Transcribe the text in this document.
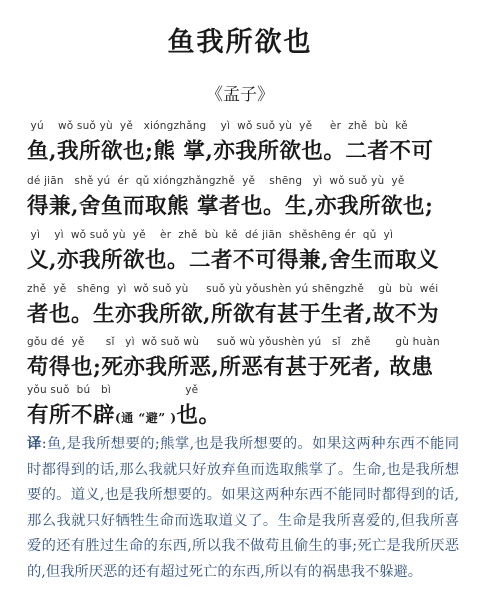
鱼我所欲也
《孟子》
yú    wǒ suǒ yù  yě   xióngzhǎng    yì  wǒ suǒ yù  yě     èr  zhě  bù  kě
鱼,我所欲也;熊 掌,亦我所欲也。二者不可
dé jiān   shě yú  ér  qǔ xióngzhǎngzhě  yě    shēng   yì  wǒ suǒ yù  yě
得兼,舍鱼而取熊 掌者也。生,亦我所欲也;
yì    yì  wǒ suǒ yù  yě    èr  zhě  bù  kě  dé jiān  shěshēng ér  qǔ  yì
义,亦我所欲也。二者不可得兼,舍生而取义
zhě  yě   shēng  yì  wǒ suǒ yù     suǒ yù yǒushèn yú shēngzhě    gù  bù  wéi
者也。生亦我所欲,所欲有甚于生者,故不为
gǒu dé  yě      sǐ   yì  wǒ suǒ wù     suǒ wù yǒushèn yú   sǐ   zhě       gù huàn
苟得也;死亦我所恶,所恶有甚于死者, 故患
yǒu suǒ  bú   bì                     yě
有所不辟(通 “避” )也。
译:鱼,是我所想要的;熊掌,也是我所想要的。如果这两种东西不能同时都得到的话,那么我就只好放弃鱼而选取熊掌了。生命,也是我所想要的。道义,也是我所想要的。如果这两种东西不能同时都得到的话,那么我就只好牺牲生命而选取道义了。生命是我所喜爱的,但我所喜爱的还有胜过生命的东西,所以我不做苟且偷生的事;死亡是我所厌恶的,但我所厌恶的还有超过死亡的东西,所以有的祸患我不躲避。
